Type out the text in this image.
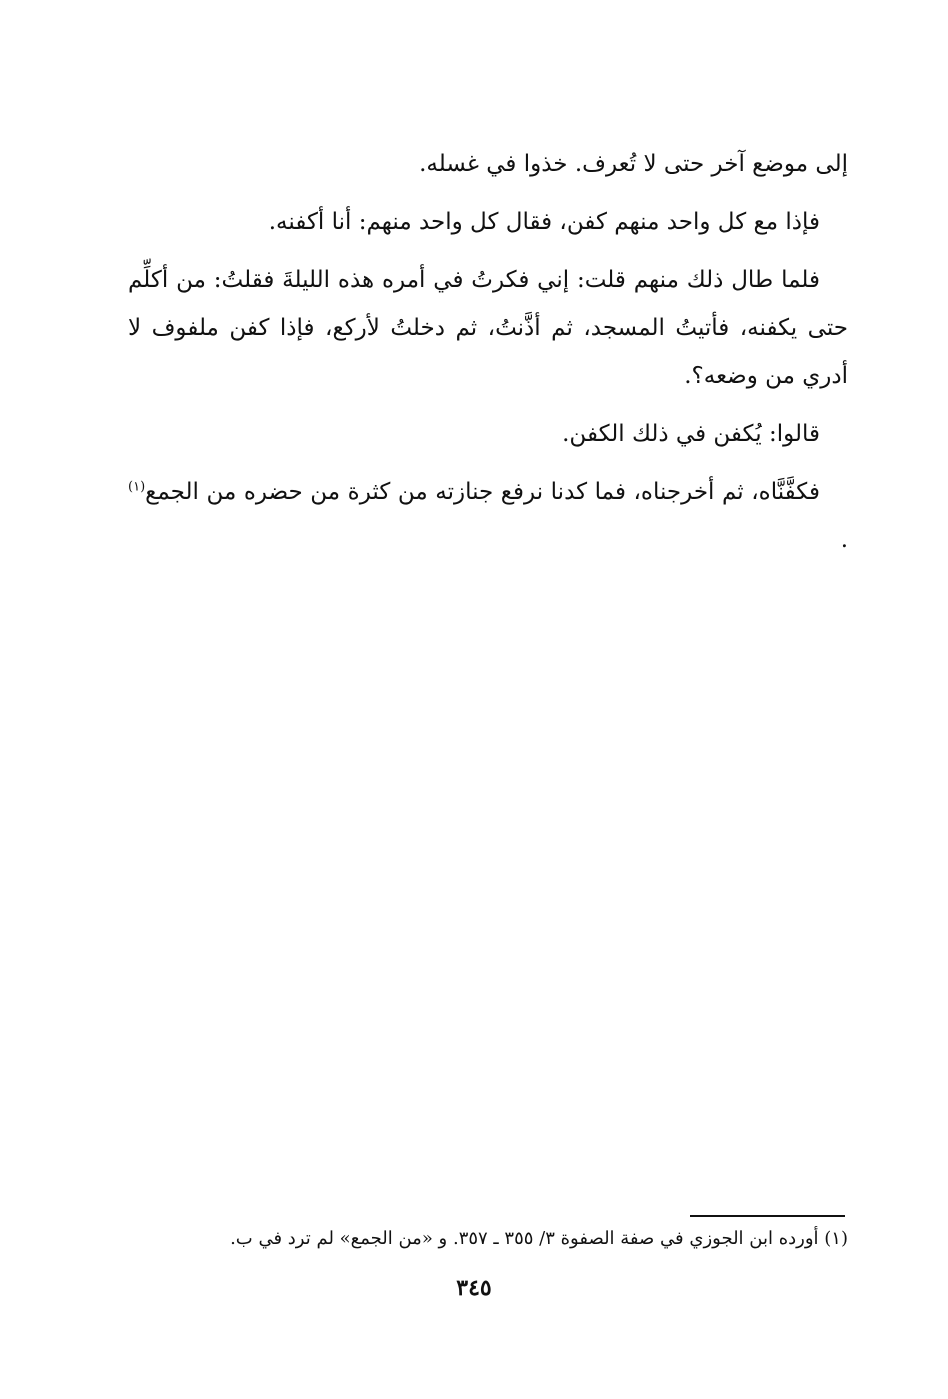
إلى موضع آخر حتى لا تُعرف. خذوا في غسله.

فإذا مع كل واحد منهم كفن، فقال كل واحد منهم: أنا أكفنه.

فلما طال ذلك منهم قلت: إني فكرتُ في أمره هذه الليلةَ فقلتُ: من أكلِّم حتى يكفنه، فأتيتُ المسجد، ثم أذَّنتُ، ثم دخلتُ لأركع، فإذا كفن ملفوف لا أدري من وضعه؟.

قالوا: يُكفن في ذلك الكفن.

فكفَّنَّاه، ثم أخرجناه، فما كدنا نرفع جنازته من كثرة من حضره من الجمع$^{(١)}$ .

(١) أورده ابن الجوزي في صفة الصفوة ٣/ ٣٥٥ ـ ٣٥٧. و «من الجمع» لم ترد في ب.
٣٤٥
